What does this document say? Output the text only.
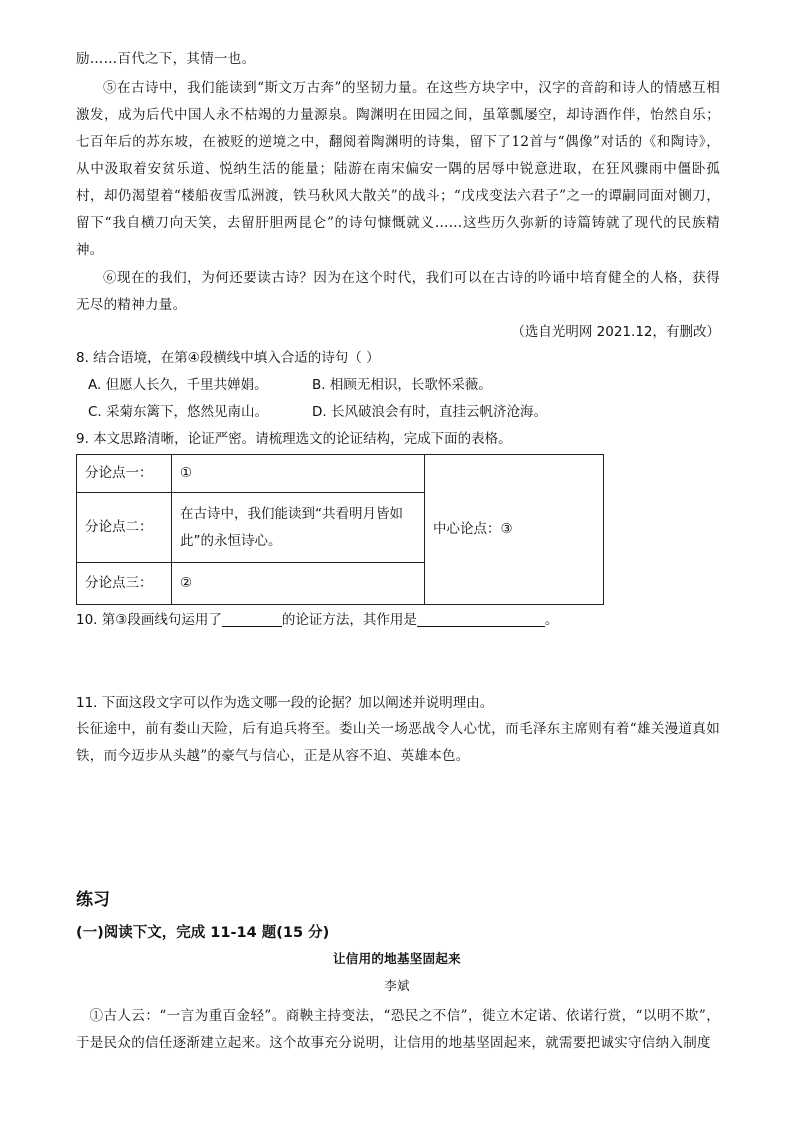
励……百代之下，其情一也。
⑤在古诗中，我们能读到“斯文万古奔”的坚韧力量。在这些方块字中，汉字的音韵和诗人的情感互相激发，成为后代中国人永不枯竭的力量源泉。陶渊明在田园之间，虽箪瓢屡空，却诗酒作伴，怡然自乐；七百年后的苏东坡，在被贬的逆境之中，翻阅着陶渊明的诗集，留下了12首与“偶像”对话的《和陶诗》，从中汲取着安贫乐道、悦纳生活的能量；陆游在南宋偏安一隅的居辱中锐意进取，在狂风骤雨中僵卧孤村，却仍渴望着“楼船夜雪瓜洲渡，铁马秋风大散关”的战斗；“戊戌变法六君子”之一的谭嗣同面对铡刀，留下“我自横刀向天笑，去留肝胆两昆仑”的诗句慷慨就义……这些历久弥新的诗篇铸就了现代的民族精神。
⑥现在的我们，为何还要读古诗？因为在这个时代，我们可以在古诗的吟诵中培育健全的人格，获得无尽的精神力量。
（选自光明网 2021.12，有删改）
8. 结合语境，在第④段横线中填入合适的诗句（ ）
A. 但愿人长久，千里共婵娟。	B. 相顾无相识，长歌怀采薇。
C. 采菊东篱下，悠然见南山。	D. 长风破浪会有时，直挂云帆济沧海。
9. 本文思路清晰，论证严密。请梳理选文的论证结构，完成下面的表格。
分论点一：	①	中心论点：③
分论点二：	在古诗中，我们能读到“共看明月皆如此”的永恒诗心。	
分论点三：	②	
10. 第③段画线句运用了	的论证方法，其作用是	。
11. 下面这段文字可以作为选文哪一段的论据？加以阐述并说明理由。
长征途中，前有娄山天险，后有追兵将至。娄山关一场恶战令人心忧，而毛泽东主席则有着“雄关漫道真如铁，而今迈步从头越”的豪气与信心，正是从容不迫、英雄本色。
练习
(一)阅读下文，完成 11-14 题(15 分)
让信用的地基坚固起来
李斌
①古人云：“一言为重百金轻”。商鞅主持变法，“恐民之不信”，徙立木定诺、依诺行赏，“以明不欺”，于是民众的信任逐渐建立起来。这个故事充分说明，让信用的地基坚固起来，就需要把诚实守信纳入制度
